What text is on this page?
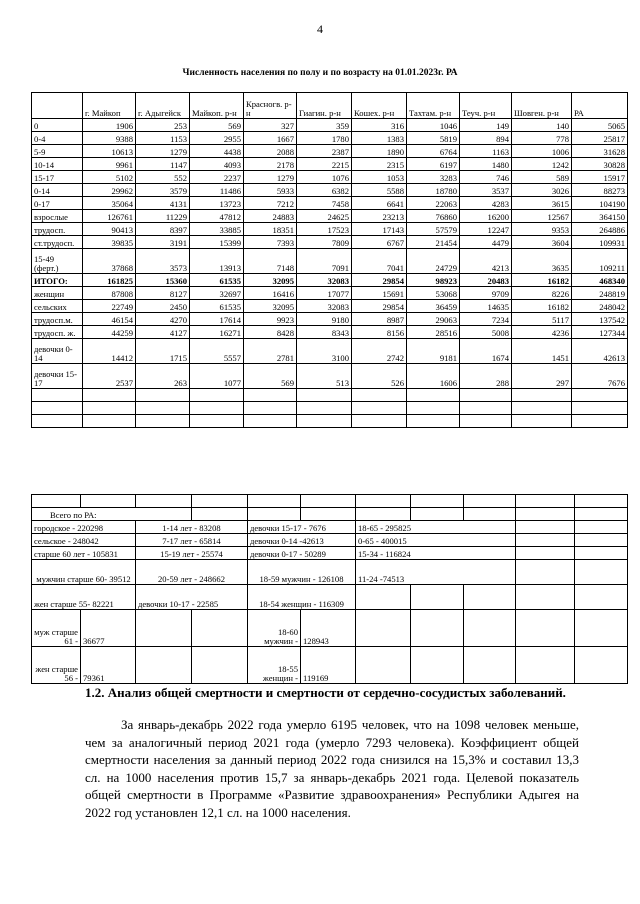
4
Численность населения по полу и по возрасту на 01.01.2023г. РА
	г. Майкоп	г. Адыгейск	Майкоп. р-н	Красногв. р-н	Гиагин. р-н	Кошех. р-н	Тахтам. р-н	Теуч. р-н	Шовген. р-н	РА
0	1906	253	569	327	359	316	1046	149	140	5065
0-4	9388	1153	2955	1667	1780	1383	5819	894	778	25817
5-9	10613	1279	4438	2088	2387	1890	6764	1163	1006	31628
10-14	9961	1147	4093	2178	2215	2315	6197	1480	1242	30828
15-17	5102	552	2237	1279	1076	1053	3283	746	589	15917
0-14	29962	3579	11486	5933	6382	5588	18780	3537	3026	88273
0-17	35064	4131	13723	7212	7458	6641	22063	4283	3615	104190
взрослые	126761	11229	47812	24883	24625	23213	76860	16200	12567	364150
трудосп.	90413	8397	33885	18351	17523	17143	57579	12247	9353	264886
ст.трудосп.	39835	3191	15399	7393	7809	6767	21454	4479	3604	109931
15-49 (ферт.)	37868	3573	13913	7148	7091	7041	24729	4213	3635	109211
ИТОГО:	161825	15360	61535	32095	32083	29854	98923	20483	16182	468340
женщин	87808	8127	32697	16416	17077	15691	53068	9709	8226	248819
сельских	22749	2450	61535	32095	32083	29854	36459	14635	16182	248042
трудосп.м.	46154	4270	17614	9923	9180	8987	29063	7234	5117	137542
трудосп. ж.	44259	4127	16271	8428	8343	8156	28516	5008	4236	127344
девочки 0-14	14412	1715	5557	2781	3100	2742	9181	1674	1451	42613
девочки 15-17	2537	263	1077	569	513	526	1606	288	297	7676

Всего по РА:										
городское - 220298		1-14 лет - 83208		девочки 15-17 - 7676		18-65 - 295825				
сельское - 248042		7-17 лет - 65814		девочки 0-14 -42613		0-65 - 400015				
старше 60 лет - 105831		15-19 лет - 25574		девочки 0-17 - 50289		15-34 - 116824				
мужчин старше 60- 39512		20-59 лет - 248662		18-59 мужчин - 126108		11-24 -74513				
жен старше 55- 82221		девочки 10-17 - 22585		18-54 женщин - 116309						
муж старше 61 -	36677			18-60 мужчин -	128943					
жен старше 56 -	79361			18-55 женщин -	119169					
1.2. Анализ общей смертности и смертности от сердечно-сосудистых заболеваний.
За январь-декабрь 2022 года умерло 6195 человек, что на 1098 человек меньше, чем за аналогичный период 2021 года (умерло 7293 человека). Коэффициент общей смертности населения за данный период 2022 года снизился на 15,3% и составил 13,3 сл. на 1000 населения против 15,7 за январь-декабрь 2021 года. Целевой показатель общей смертности в Программе «Развитие здравоохранения» Республики Адыгея на 2022 год установлен 12,1 сл. на 1000 населения.
